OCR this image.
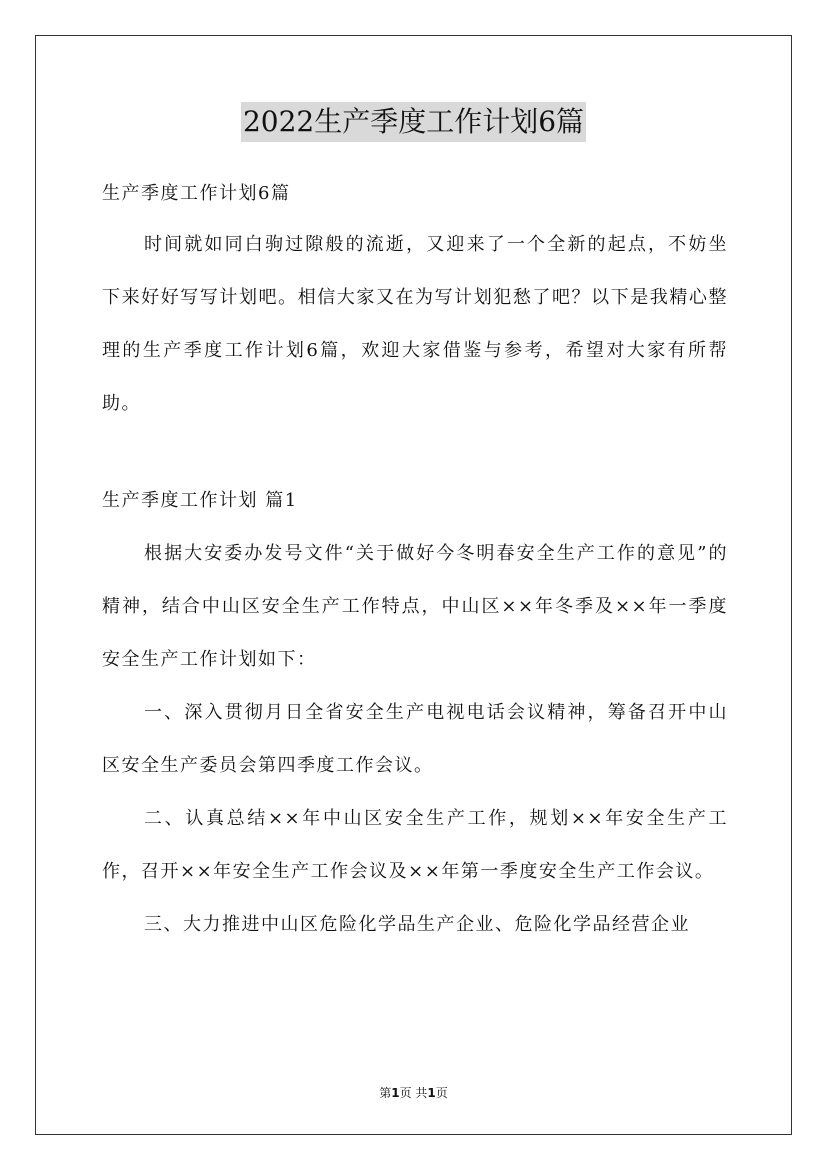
2022生产季度工作计划6篇

生产季度工作计划6篇

时间就如同白驹过隙般的流逝，又迎来了一个全新的起点，不妨坐下来好好写写计划吧。相信大家又在为写计划犯愁了吧？以下是我精心整理的生产季度工作计划6篇，欢迎大家借鉴与参考，希望对大家有所帮助。

生产季度工作计划 篇1

根据大安委办发号文件“关于做好今冬明春安全生产工作的意见”的精神，结合中山区安全生产工作特点，中山区××年冬季及××年一季度安全生产工作计划如下：

一、深入贯彻月日全省安全生产电视电话会议精神，筹备召开中山区安全生产委员会第四季度工作会议。

二、认真总结××年中山区安全生产工作，规划××年安全生产工作，召开××年安全生产工作会议及××年第一季度安全生产工作会议。

三、大力推进中山区危险化学品生产企业、危险化学品经营企业

第1页 共1页
